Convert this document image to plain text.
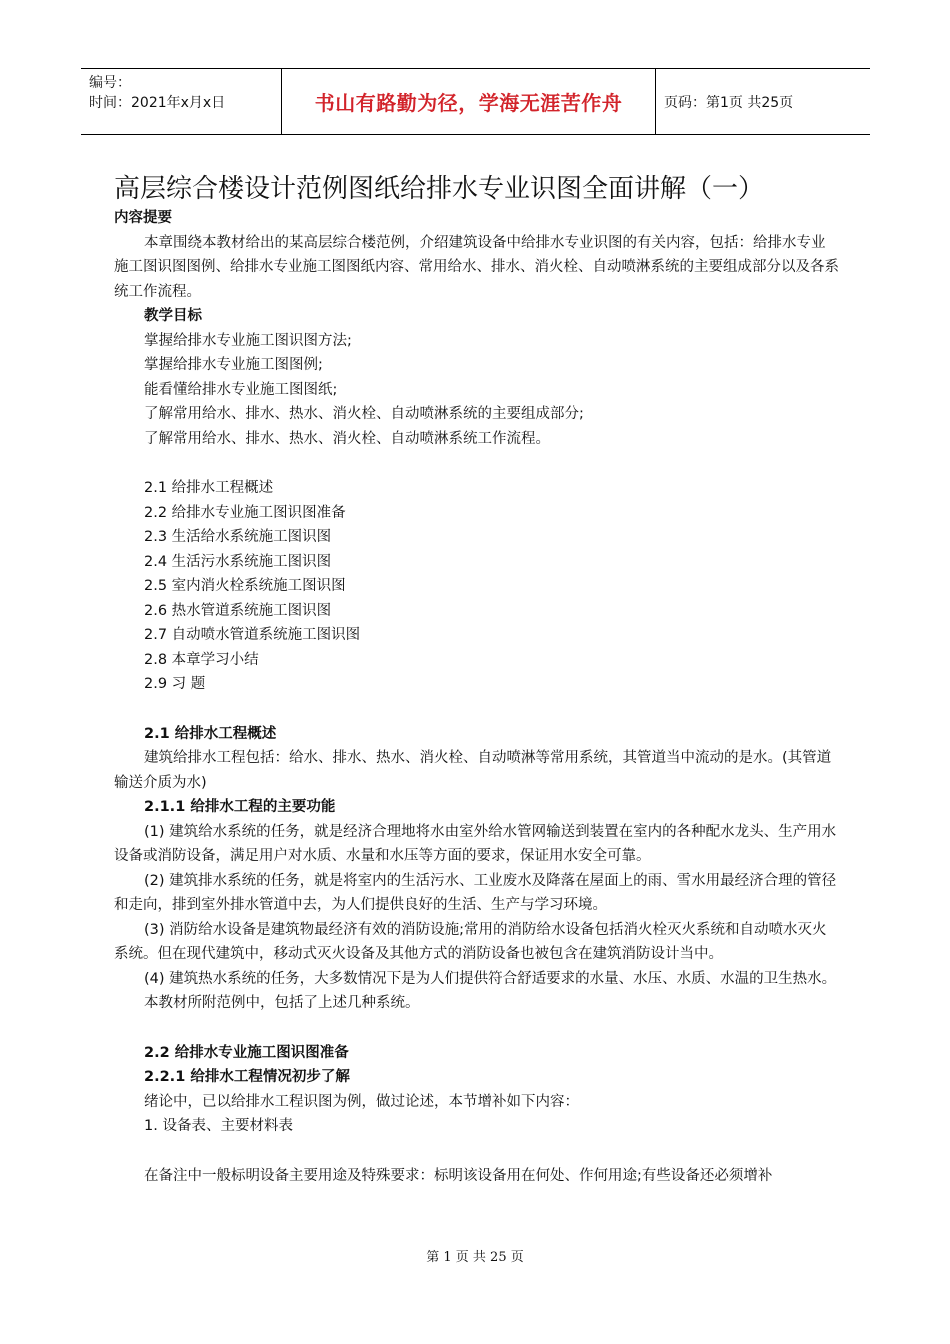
编号：
时间：2021年x月x日	书山有路勤为径，学海无涯苦作舟	页码：第1页 共25页
高层综合楼设计范例图纸给排水专业识图全面讲解（一）

内容提要

本章围绕本教材给出的某高层综合楼范例，介绍建筑设备中给排水专业识图的有关内容，包括：给排水专业施工图识图图例、给排水专业施工图图纸内容、常用给水、排水、消火栓、自动喷淋系统的主要组成部分以及各系统工作流程。

教学目标

掌握给排水专业施工图识图方法;

掌握给排水专业施工图图例;

能看懂给排水专业施工图图纸;

了解常用给水、排水、热水、消火栓、自动喷淋系统的主要组成部分;

了解常用给水、排水、热水、消火栓、自动喷淋系统工作流程。

2.1 给排水工程概述

2.2 给排水专业施工图识图准备

2.3 生活给水系统施工图识图

2.4 生活污水系统施工图识图

2.5 室内消火栓系统施工图识图

2.6 热水管道系统施工图识图

2.7 自动喷水管道系统施工图识图

2.8 本章学习小结

2.9 习 题

2.1 给排水工程概述

建筑给排水工程包括：给水、排水、热水、消火栓、自动喷淋等常用系统，其管道当中流动的是水。(其管道输送介质为水)

2.1.1 给排水工程的主要功能

(1) 建筑给水系统的任务，就是经济合理地将水由室外给水管网输送到装置在室内的各种配水龙头、生产用水设备或消防设备，满足用户对水质、水量和水压等方面的要求，保证用水安全可靠。

(2) 建筑排水系统的任务，就是将室内的生活污水、工业废水及降落在屋面上的雨、雪水用最经济合理的管径和走向，排到室外排水管道中去，为人们提供良好的生活、生产与学习环境。

(3) 消防给水设备是建筑物最经济有效的消防设施;常用的消防给水设备包括消火栓灭火系统和自动喷水灭火系统。但在现代建筑中，移动式灭火设备及其他方式的消防设备也被包含在建筑消防设计当中。

(4) 建筑热水系统的任务，大多数情况下是为人们提供符合舒适要求的水量、水压、水质、水温的卫生热水。

本教材所附范例中，包括了上述几种系统。

2.2 给排水专业施工图识图准备

2.2.1 给排水工程情况初步了解

绪论中，已以给排水工程识图为例，做过论述，本节增补如下内容：

1. 设备表、主要材料表

在备注中一般标明设备主要用途及特殊要求：标明该设备用在何处、作何用途;有些设备还必须增补

第 1 页 共 25 页
